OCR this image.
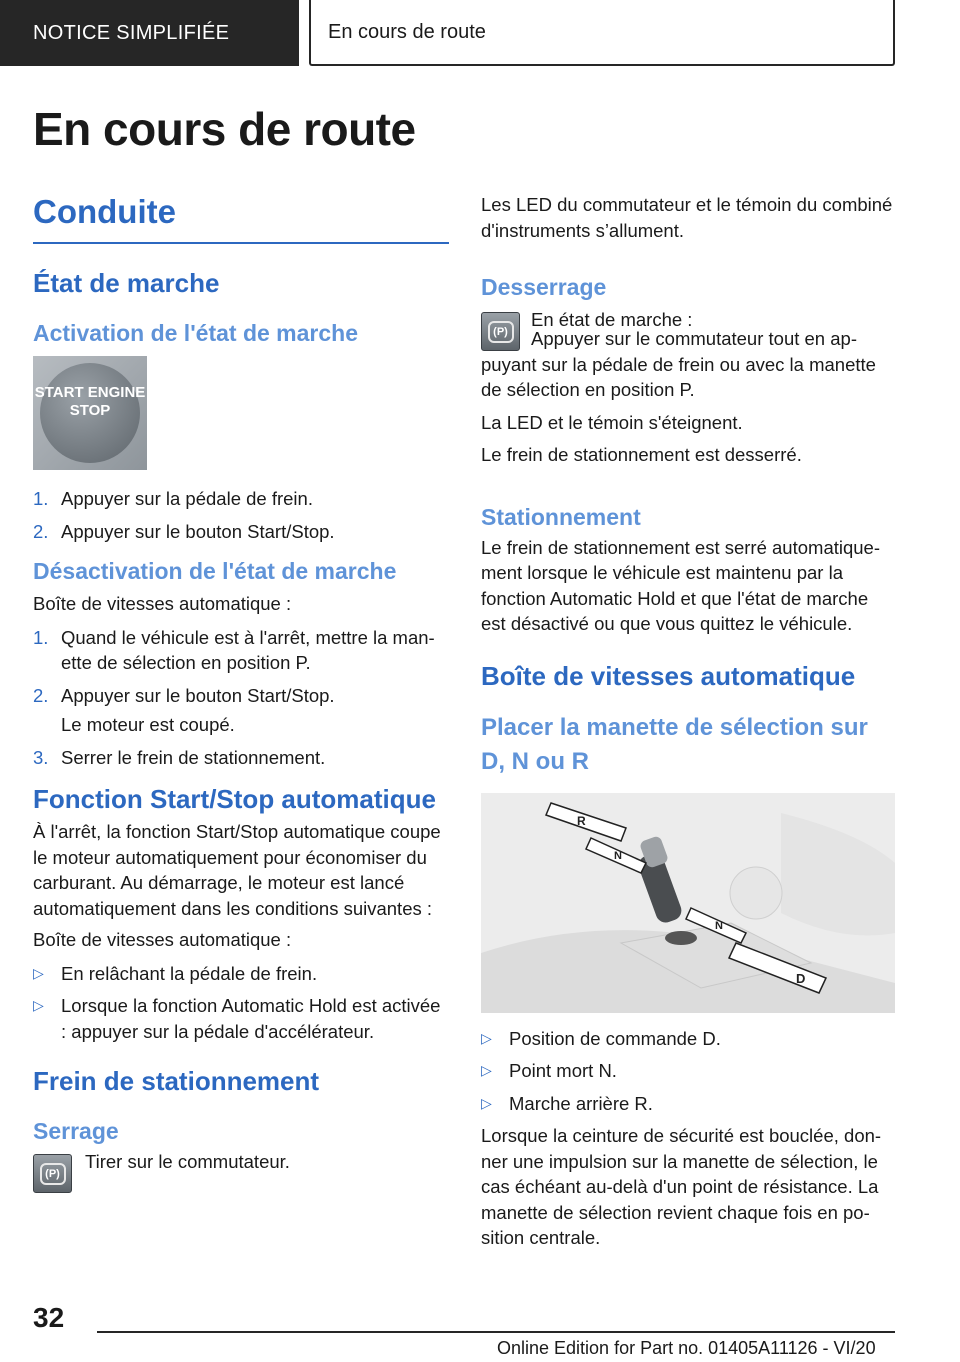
NOTICE SIMPLIFIÉE	En cours de route
En cours de route
Conduite
État de marche
Activation de l'état de marche
START ENGINE STOP
1. Appuyer sur la pédale de frein.
2. Appuyer sur le bouton Start/Stop.
Désactivation de l'état de marche

Boîte de vitesses automatique :

1. Quand le véhicule est à l'arrêt, mettre la manette de sélection en position P.
2. Appuyer sur le bouton Start/Stop.
Le moteur est coupé.
3. Serrer le frein de stationnement.
Fonction Start/Stop automatique

À l'arrêt, la fonction Start/Stop automatique coupe le moteur automatiquement pour économiser du carburant. Au démarrage, le moteur est lancé automatiquement dans les conditions suivantes :

Boîte de vitesses automatique :

▷ En relâchant la pédale de frein.
▷ Lorsque la fonction Automatic Hold est activée : appuyer sur la pédale d'accélérateur.
Frein de stationnement
Serrage
(P)

Tirer sur le commutateur.

Les LED du commutateur et le témoin du combiné d'instruments s’allument.

Desserrage
(P)

En état de marche :

Appuyer sur le commutateur tout en appuyant sur la pédale de frein ou avec la manette de sélection en position P.

La LED et le témoin s'éteignent.

Le frein de stationnement est desserré.

Stationnement

Le frein de stationnement est serré automatiquement lorsque le véhicule est maintenu par la fonction Automatic Hold et que l'état de marche est désactivé ou que vous quittez le véhicule.

Boîte de vitesses automatique
Placer la manette de sélection sur D, N ou R
R
N
N
D
▷ Position de commande D.
▷ Point mort N.
▷ Marche arrière R.

Lorsque la ceinture de sécurité est bouclée, donner une impulsion sur la manette de sélection, le cas échéant au-delà d'un point de résistance. La manette de sélection revient chaque fois en position centrale.

32
Online Edition for Part no. 01405A11126 - VI/20
